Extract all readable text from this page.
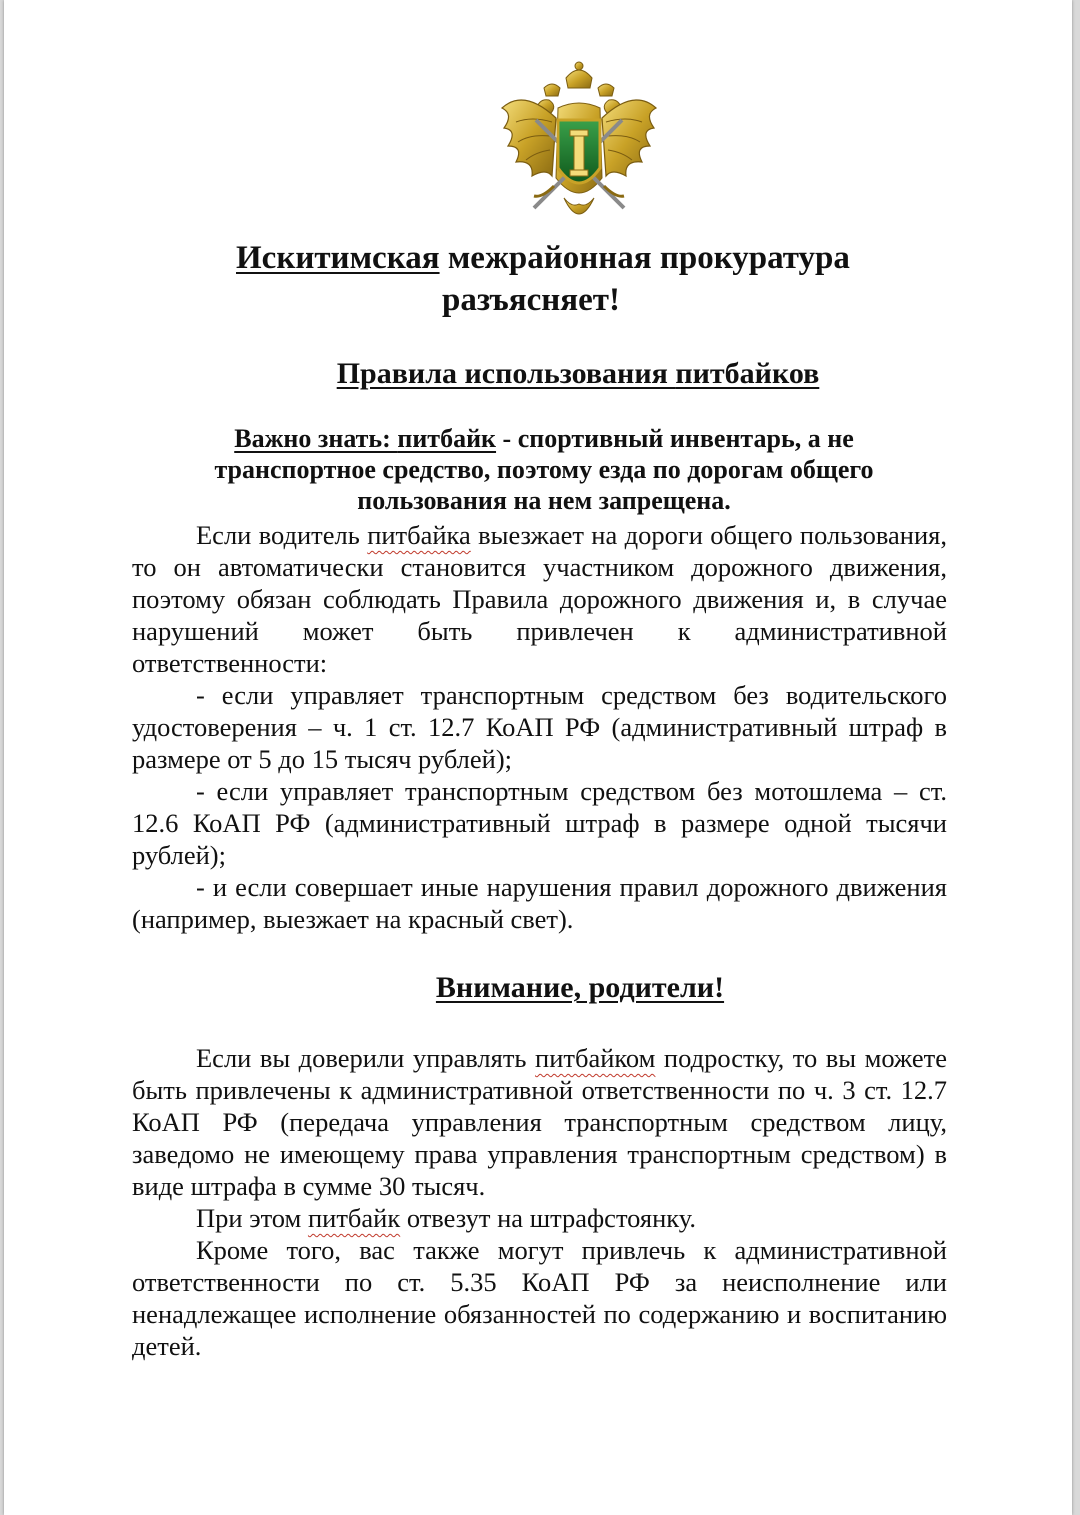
Искитимская межрайонная прокуратура
разъясняет!
Правила использования питбайков
Важно знать: питбайк - спортивный инвентарь, а не транспортное средство, поэтому езда по дорогам общего пользования на нем запрещена.

Если водитель питбайка выезжает на дороги общего пользования, то он автоматически становится участником дорожного движения, поэтому обязан соблюдать Правила дорожного движения и, в случае нарушений может быть привлечен к административной ответственности:

- если управляет транспортным средством без водительского удостоверения – ч. 1 ст. 12.7 КоАП РФ (административный штраф в размере от 5 до 15 тысяч рублей);

- если управляет транспортным средством без мотошлема – ст. 12.6 КоАП РФ (административный штраф в размере одной тысячи рублей);

- и если совершает иные нарушения правил дорожного движения (например, выезжает на красный свет).

Внимание, родители!

Если вы доверили управлять питбайком подростку, то вы можете быть привлечены к административной ответственности по ч. 3 ст. 12.7 КоАП РФ (передача управления транспортным средством лицу, заведомо не имеющему права управления транспортным средством) в виде штрафа в сумме 30 тысяч.

При этом питбайк отвезут на штрафстоянку.

Кроме того, вас также могут привлечь к административной ответственности по ст. 5.35 КоАП РФ за неисполнение или ненадлежащее исполнение обязанностей по содержанию и воспитанию детей.
